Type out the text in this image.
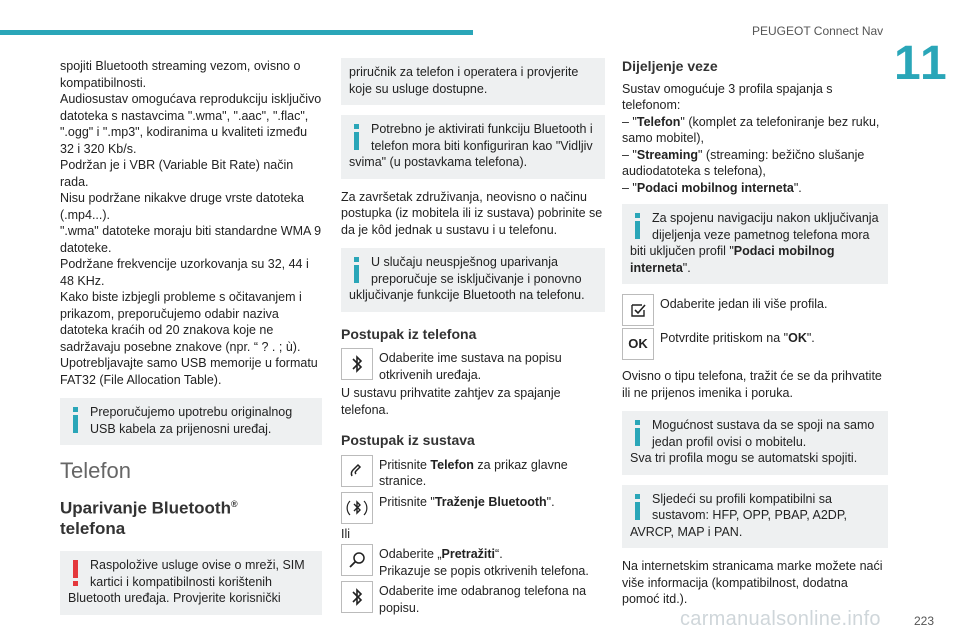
PEUGEOT Connect Nav
11

spojiti Bluetooth streaming vezom, ovisno o kompatibilnosti.

Audiosustav omogućava reprodukciju isključivo datoteka s nastavcima ".wma", ".aac", ".flac", ".ogg" i ".mp3", kodiranima u kvaliteti između 32 i 320 Kb/s.

Podržan je i VBR (Variable Bit Rate) način rada.

Nisu podržane nikakve druge vrste datoteka (.mp4...).

".wma" datoteke moraju biti standardne WMA 9 datoteke.

Podržane frekvencije uzorkovanja su 32, 44 i 48 KHz.

Kako biste izbjegli probleme s očitavanjem i prikazom, preporučujemo odabir naziva datoteka kraćih od 20 znakova koje ne sadržavaju posebne znakove (npr. “ ? . ; ù).

Upotrebljavajte samo USB memorije u formatu FAT32 (File Allocation Table).

Preporučujemo upotrebu originalnog USB kabela za prijenosni uređaj.
Telefon
Uparivanje Bluetooth®
telefona
Raspoložive usluge ovise o mreži, SIM kartici i kompatibilnosti korištenih Bluetooth uređaja. Provjerite korisnički
priručnik za telefon i operatera i provjerite koje su usluge dostupne.
Potrebno je aktivirati funkciju Bluetooth i telefon mora biti konfiguriran kao "Vidljiv svima" (u postavkama telefona).

Za završetak združivanja, neovisno o načinu postupka (iz mobitela ili iz sustava) pobrinite se da je kôd jednak u sustavu i u telefonu.

U slučaju neuspješnog uparivanja preporučuje se isključivanje i ponovno uključivanje funkcije Bluetooth na telefonu.
Postupak iz telefona
Odaberite ime sustava na popisu otkrivenih uređaja.

U sustavu prihvatite zahtjev za spajanje telefona.

Postupak iz sustava
Pritisnite Telefon za prikaz glavne stranice.
Pritisnite "Traženje Bluetooth".

Ili

Odaberite „Pretražiti“.
Prikazuje se popis otkrivenih telefona.
Odaberite ime odabranog telefona na popisu.
Dijeljenje veze

Sustav omogućuje 3 profila spajanja s telefonom:

– "Telefon" (komplet za telefoniranje bez ruku, samo mobitel),

– "Streaming" (streaming: bežično slušanje audiodatoteka s telefona),

– "Podaci mobilnog interneta".

Za spojenu navigaciju nakon uključivanja dijeljenja veze pametnog telefona mora biti uključen profil "Podaci mobilnog interneta".
Odaberite jedan ili više profila.
OK Potvrdite pritiskom na "OK".

Ovisno o tipu telefona, tražit će se da prihvatite ili ne prijenos imenika i poruka.

Mogućnost sustava da se spoji na samo jedan profil ovisi o mobitelu.
Sva tri profila mogu se automatski spojiti.
Sljedeći su profili kompatibilni sa sustavom: HFP, OPP, PBAP, A2DP, AVRCP, MAP i PAN.

Na internetskim stranicama marke možete naći više informacija (kompatibilnost, dodatna pomoć itd.).

carmanualsonline.info	223
